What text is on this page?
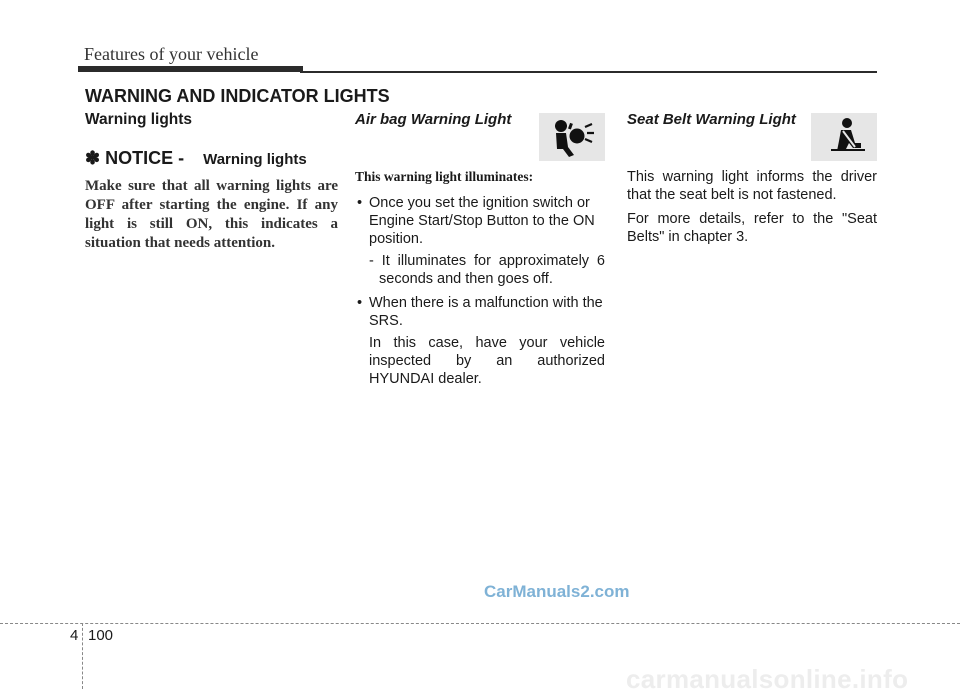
Features of your vehicle
WARNING AND INDICATOR LIGHTS

Warning lights

✽ NOTICE - Warning lights

Make sure that all warning lights are OFF after starting the engine. If any light is still ON, this indicates a situation that needs attention.

Air bag Warning Light

This warning light illuminates:

• Once you set the ignition switch or Engine Start/Stop Button to the ON position.

- It illuminates for approximately 6 seconds and then goes off.

• When there is a malfunction with the SRS.

In this case, have your vehicle inspected by an authorized HYUNDAI dealer.

Seat Belt Warning Light

This warning light informs the driver that the seat belt is not fastened.

For more details, refer to the "Seat Belts" in chapter 3.

CarManuals2.com
4 100
carmanualsonline.info
